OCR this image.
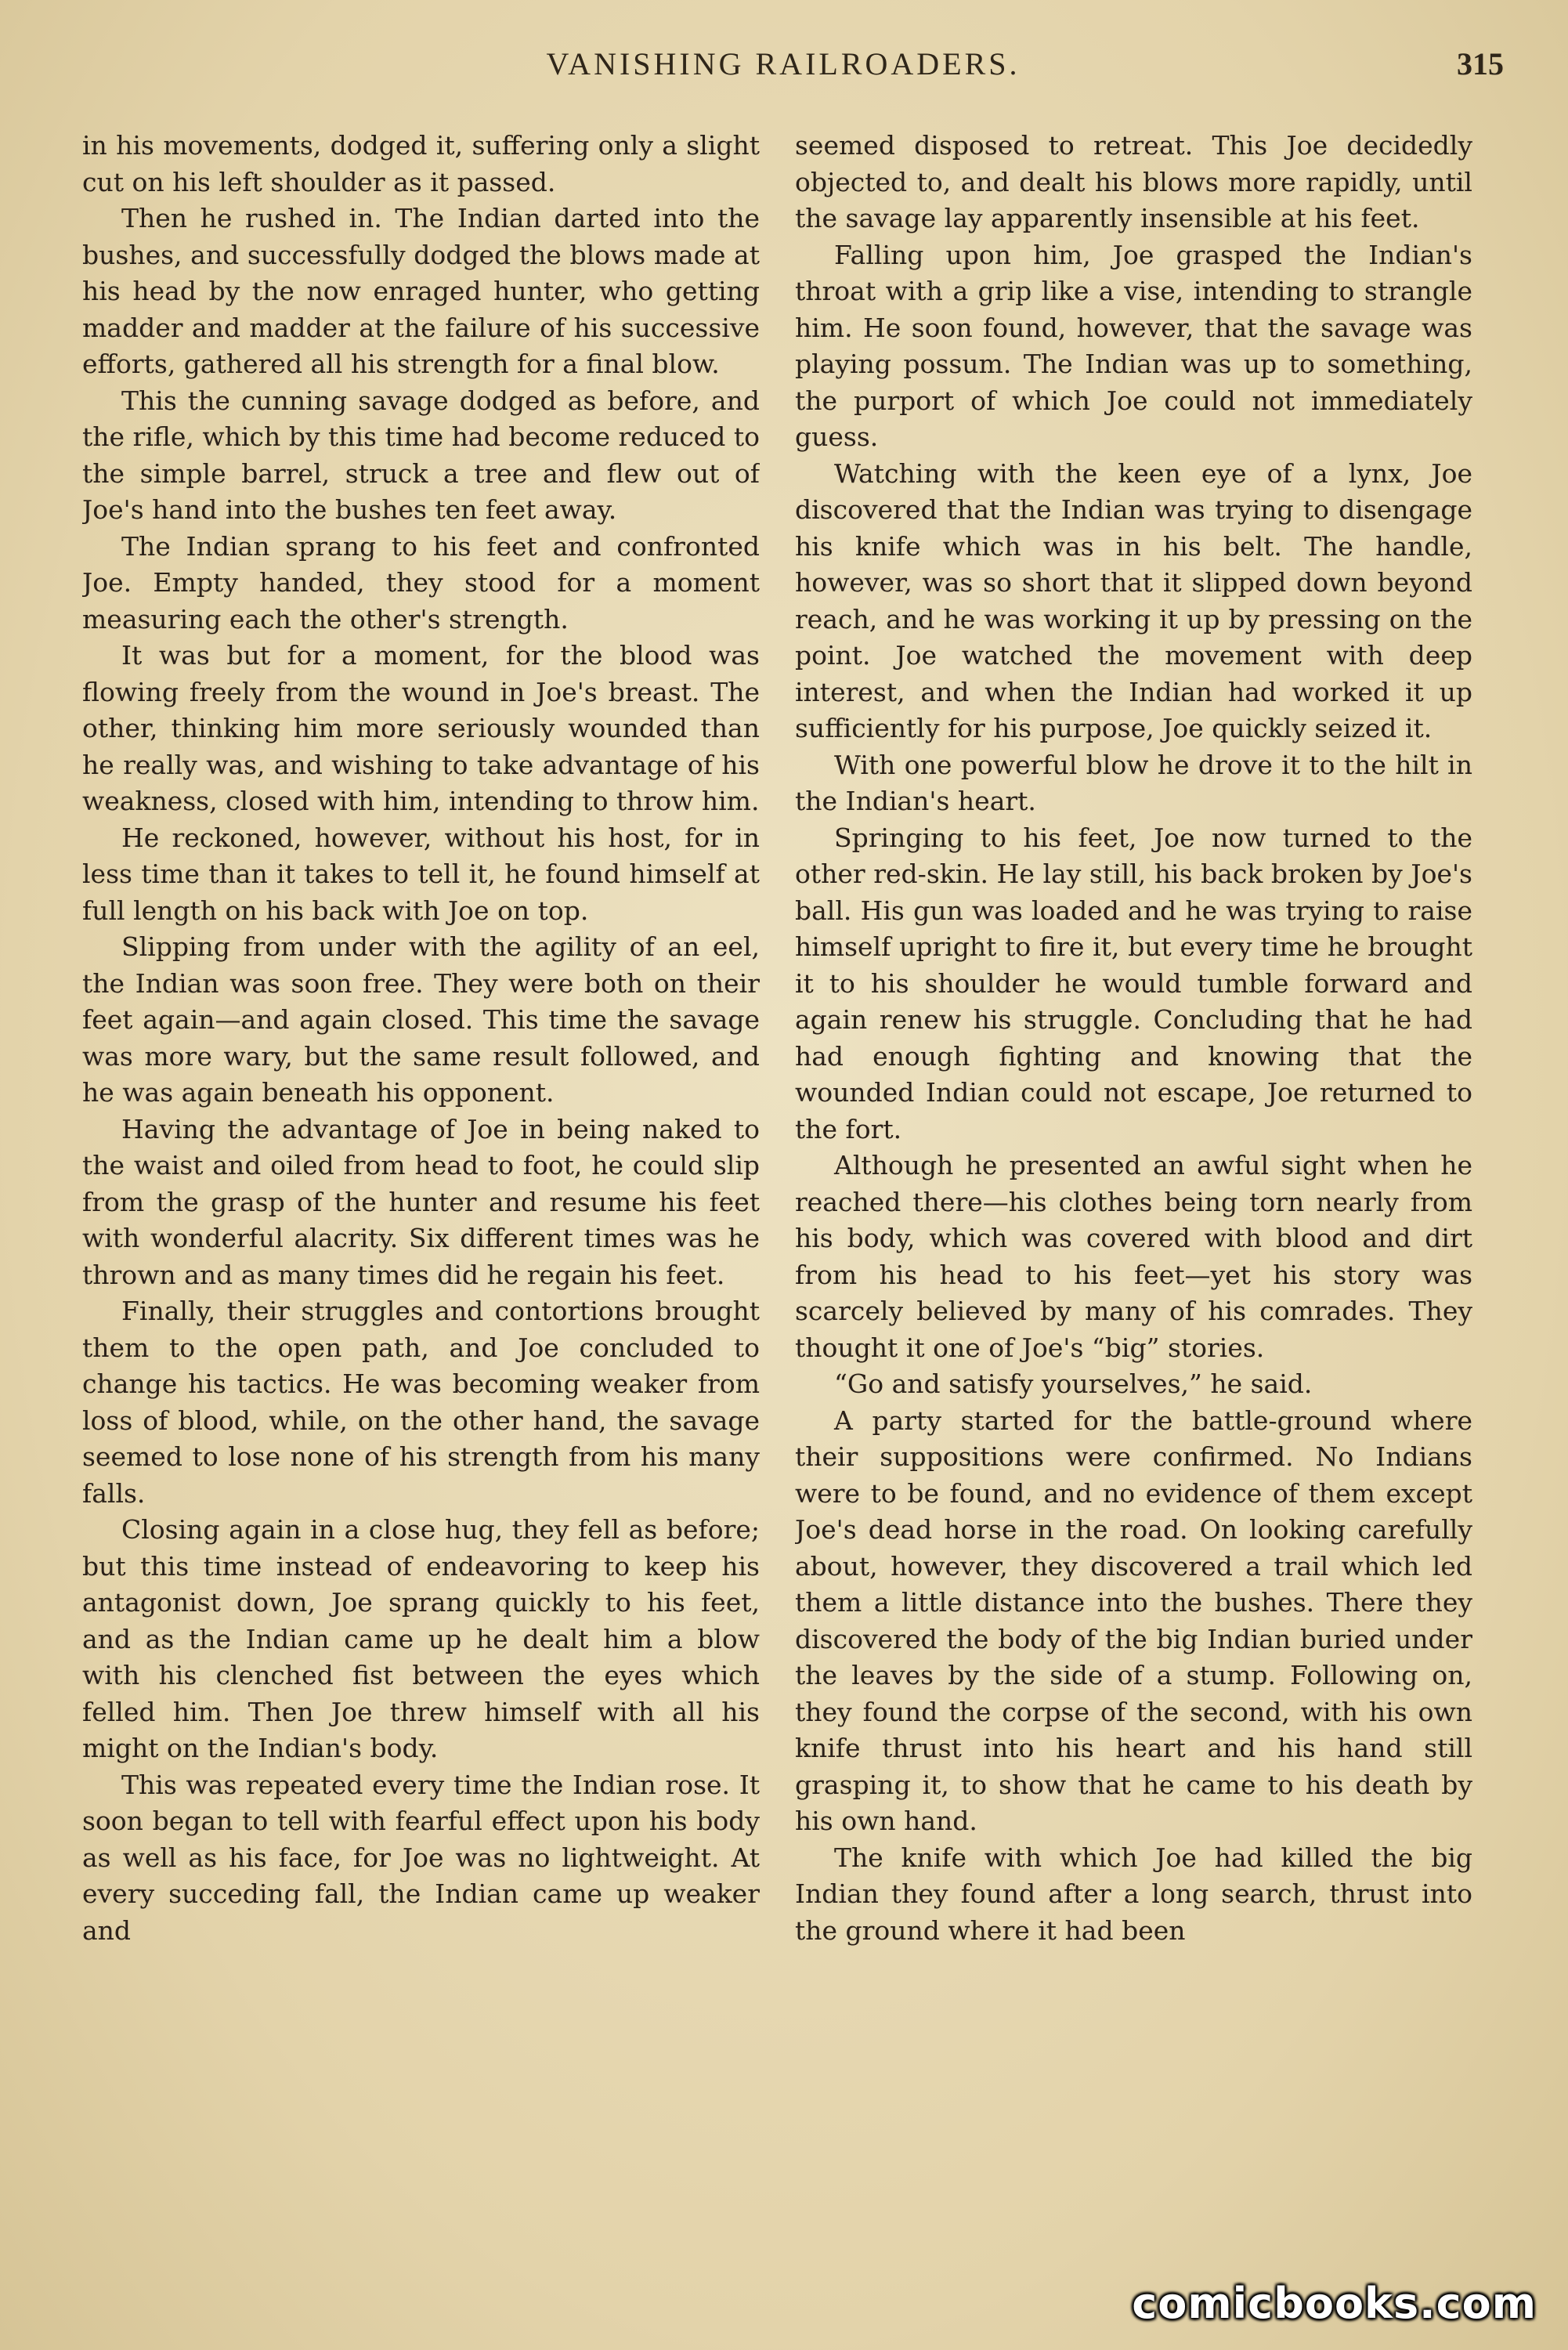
VANISHING RAILROADERS.	315

in his movements, dodged it, suffering only a slight cut on his left shoulder as it passed.

Then he rushed in. The Indian darted into the bushes, and successfully dodged the blows made at his head by the now enraged hunter, who getting madder and madder at the failure of his successive efforts, gathered all his strength for a final blow.

This the cunning savage dodged as before, and the rifle, which by this time had become reduced to the simple barrel, struck a tree and flew out of Joe's hand into the bushes ten feet away.

The Indian sprang to his feet and confronted Joe. Empty handed, they stood for a moment measuring each the other's strength.

It was but for a moment, for the blood was flowing freely from the wound in Joe's breast. The other, thinking him more seriously wounded than he really was, and wishing to take advantage of his weakness, closed with him, intending to throw him.

He reckoned, however, without his host, for in less time than it takes to tell it, he found himself at full length on his back with Joe on top.

Slipping from under with the agility of an eel, the Indian was soon free. They were both on their feet again—and again closed. This time the savage was more wary, but the same result followed, and he was again beneath his opponent.

Having the advantage of Joe in being naked to the waist and oiled from head to foot, he could slip from the grasp of the hunter and resume his feet with wonderful alacrity. Six different times was he thrown and as many times did he regain his feet.

Finally, their struggles and contortions brought them to the open path, and Joe concluded to change his tactics. He was becoming weaker from loss of blood, while, on the other hand, the savage seemed to lose none of his strength from his many falls.

Closing again in a close hug, they fell as before; but this time instead of endeavoring to keep his antagonist down, Joe sprang quickly to his feet, and as the Indian came up he dealt him a blow with his clenched fist between the eyes which felled him. Then Joe threw himself with all his might on the Indian's body.

This was repeated every time the Indian rose. It soon began to tell with fearful effect upon his body as well as his face, for Joe was no lightweight. At every succeding fall, the Indian came up weaker and

seemed disposed to retreat. This Joe decidedly objected to, and dealt his blows more rapidly, until the savage lay apparently insensible at his feet.

Falling upon him, Joe grasped the Indian's throat with a grip like a vise, intending to strangle him. He soon found, however, that the savage was playing possum. The Indian was up to something, the purport of which Joe could not immediately guess.

Watching with the keen eye of a lynx, Joe discovered that the Indian was trying to disengage his knife which was in his belt. The handle, however, was so short that it slipped down beyond reach, and he was working it up by pressing on the point. Joe watched the movement with deep interest, and when the Indian had worked it up sufficiently for his purpose, Joe quickly seized it.

With one powerful blow he drove it to the hilt in the Indian's heart.

Springing to his feet, Joe now turned to the other red-skin. He lay still, his back broken by Joe's ball. His gun was loaded and he was trying to raise himself upright to fire it, but every time he brought it to his shoulder he would tumble forward and again renew his struggle. Concluding that he had had enough fighting and knowing that the wounded Indian could not escape, Joe returned to the fort.

Although he presented an awful sight when he reached there—his clothes being torn nearly from his body, which was covered with blood and dirt from his head to his feet—yet his story was scarcely believed by many of his comrades. They thought it one of Joe's “big” stories.

“Go and satisfy yourselves,” he said.

A party started for the battle-ground where their suppositions were confirmed. No Indians were to be found, and no evidence of them except Joe's dead horse in the road. On looking carefully about, however, they discovered a trail which led them a little distance into the bushes. There they discovered the body of the big Indian buried under the leaves by the side of a stump. Following on, they found the corpse of the second, with his own knife thrust into his heart and his hand still grasping it, to show that he came to his death by his own hand.

The knife with which Joe had killed the big Indian they found after a long search, thrust into the ground where it had been

comicbooks.com
